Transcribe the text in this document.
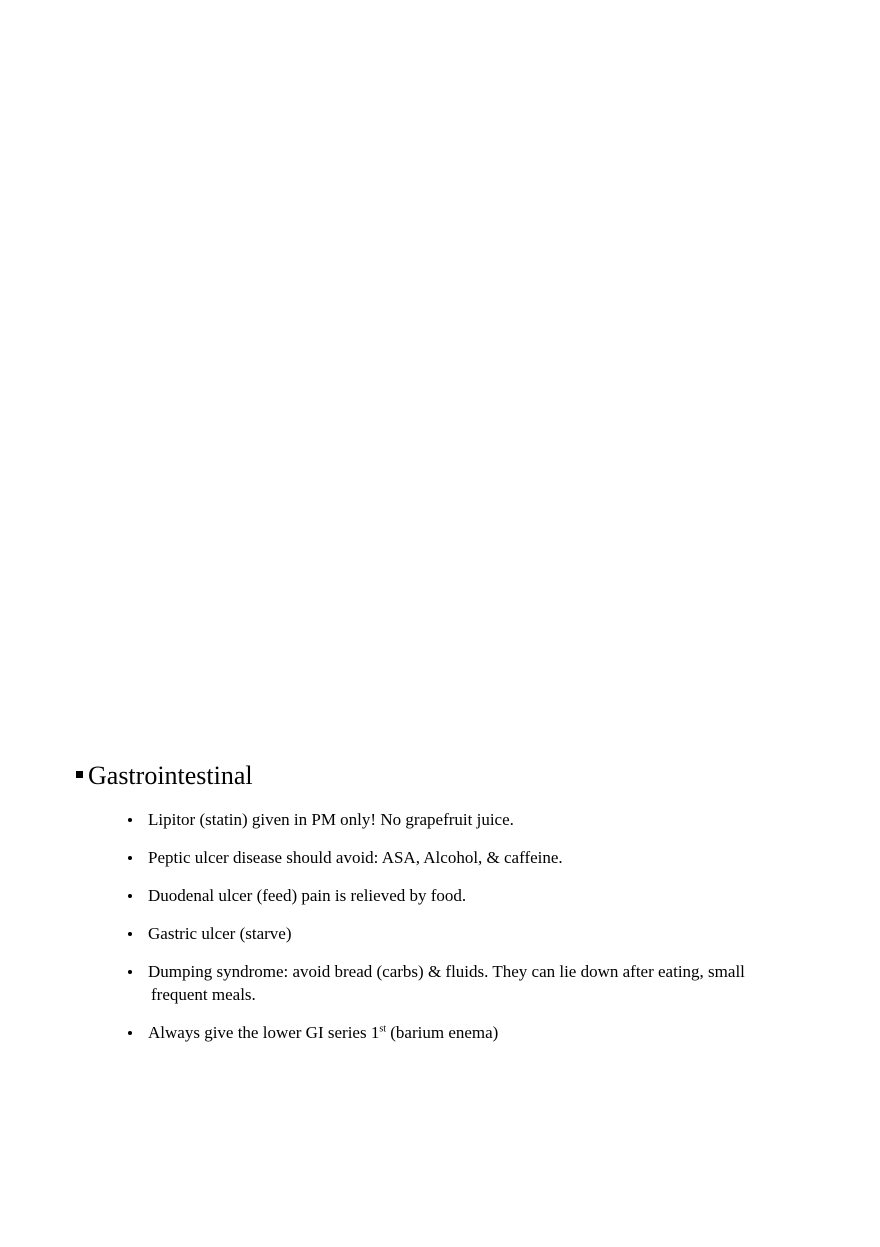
Gastrointestinal
Lipitor (statin) given in PM only! No grapefruit juice.
Peptic ulcer disease should avoid: ASA, Alcohol, & caffeine.
Duodenal ulcer (feed) pain is relieved by food.
Gastric ulcer (starve)
Dumping syndrome: avoid bread (carbs) & fluids. They can lie down after eating, small
frequent meals.
Always give the lower GI series 1st (barium enema)
